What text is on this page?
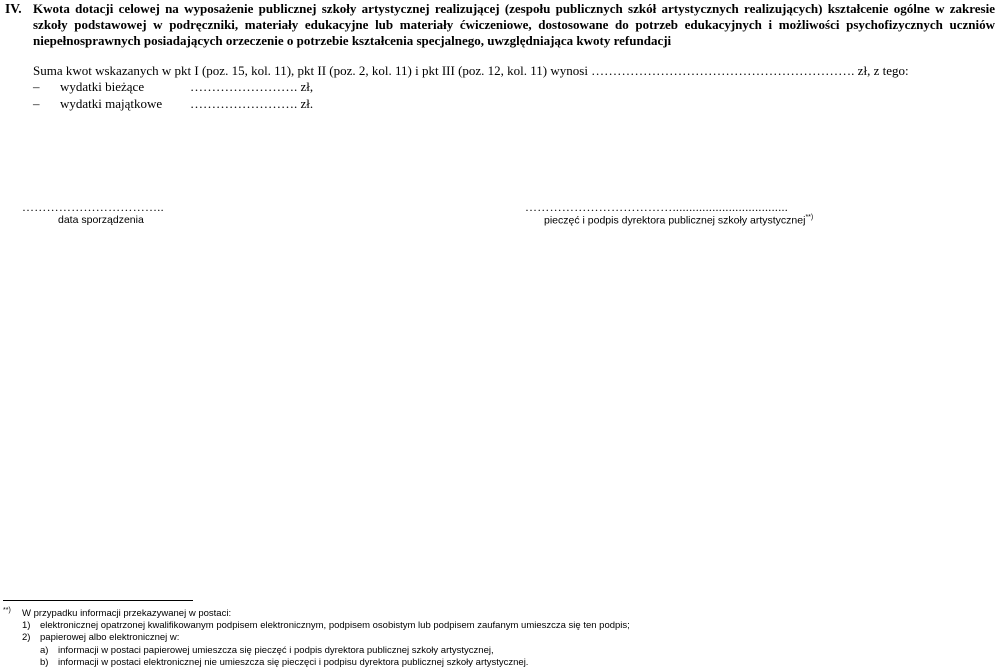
IV. Kwota dotacji celowej na wyposażenie publicznej szkoły artystycznej realizującej (zespołu publicznych szkół artystycznych realizujących) kształcenie ogólne w zakresie szkoły podstawowej w podręczniki, materiały edukacyjne lub materiały ćwiczeniowe, dostosowane do potrzeb edukacyjnych i możliwości psychofizycznych uczniów niepełnosprawnych posiadających orzeczenie o potrzebie kształcenia specjalnego, uwzględniająca kwoty refundacji
Suma kwot wskazanych w pkt I (poz. 15, kol. 11), pkt II (poz. 2, kol. 11) i pkt III (poz. 12, kol. 11) wynosi ……………………………………………………. zł, z tego:
– wydatki bieżące	……………………. zł,
– wydatki majątkowe ……………………. zł.
……………………………..
data sporządzenia
………………………………...................................
pieczęć i podpis dyrektora publicznej szkoły artystycznej**)
**) W przypadku informacji przekazywanej w postaci:
1) elektronicznej opatrzonej kwalifikowanym podpisem elektronicznym, podpisem osobistym lub podpisem zaufanym umieszcza się ten podpis;
2) papierowej albo elektronicznej w:
a) informacji w postaci papierowej umieszcza się pieczęć i podpis dyrektora publicznej szkoły artystycznej,
b) informacji w postaci elektronicznej nie umieszcza się pieczęci i podpisu dyrektora publicznej szkoły artystycznej.
